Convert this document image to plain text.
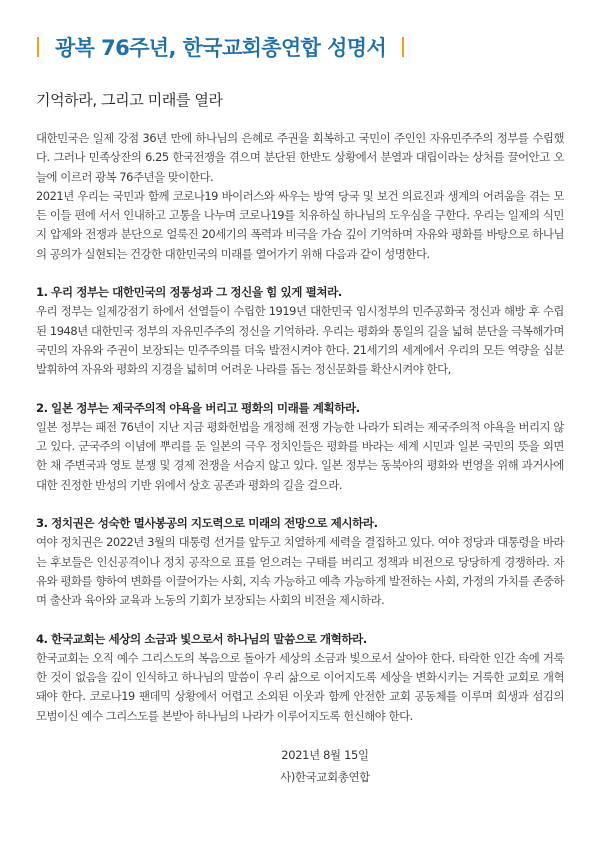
광복 76주년, 한국교회총연합 성명서
기억하라, 그리고 미래를 열라

대한민국은 일제 강점 36년 만에 하나님의 은혜로 주권을 회복하고 국민이 주인인 자유민주주의 정부를 수립했다. 그러나 민족상잔의 6.25 한국전쟁을 겪으며 분단된 한반도 상황에서 분열과 대립이라는 상처를 끌어안고 오늘에 이르러 광복 76주년을 맞이한다.

2021년 우리는 국민과 함께 코로나19 바이러스와 싸우는 방역 당국 및 보건 의료진과 생계의 어려움을 겪는 모든 이들 편에 서서 인내하고 고통을 나누며 코로나19를 치유하실 하나님의 도우심을 구한다. 우리는 일제의 식민지 압제와 전쟁과 분단으로 얼룩진 20세기의 폭력과 비극을 가슴 깊이 기억하며 자유와 평화를 바탕으로 하나님의 공의가 실현되는 건강한 대한민국의 미래를 열어가기 위해 다음과 같이 성명한다.

1. 우리 정부는 대한민국의 정통성과 그 정신을 힘 있게 펼쳐라.

우리 정부는 일제강점기 하에서 선열들이 수립한 1919년 대한민국 임시정부의 민주공화국 정신과 해방 후 수립된 1948년 대한민국 정부의 자유민주주의 정신을 기억하라. 우리는 평화와 통일의 길을 넓혀 분단을 극복해가며 국민의 자유와 주권이 보장되는 민주주의를 더욱 발전시켜야 한다. 21세기의 세계에서 우리의 모든 역량을 십분 발휘하여 자유와 평화의 지경을 넓히며 어려운 나라를 돕는 정신문화를 확산시켜야 한다,

2. 일본 정부는 제국주의적 야욕을 버리고 평화의 미래를 계획하라.

일본 정부는 패전 76년이 지난 지금 평화헌법을 개정해 전쟁 가능한 나라가 되려는 제국주의적 야욕을 버리지 않고 있다. 군국주의 이념에 뿌리를 둔 일본의 극우 정치인들은 평화를 바라는 세계 시민과 일본 국민의 뜻을 외면한 채 주변국과 영토 분쟁 및 경제 전쟁을 서슴지 않고 있다. 일본 정부는 동북아의 평화와 번영을 위해 과거사에 대한 진정한 반성의 기반 위에서 상호 공존과 평화의 길을 걸으라.

3. 정치권은 성숙한 멸사봉공의 지도력으로 미래의 전망으로 제시하라.

여야 정치권은 2022년 3월의 대통령 선거를 앞두고 치열하게 세력을 결집하고 있다. 여야 정당과 대통령을 바라는 후보들은 인신공격이나 정치 공작으로 표를 얻으려는 구태를 버리고 정책과 비전으로 당당하게 경쟁하라. 자유와 평화를 향하여 변화를 이끌어가는 사회, 지속 가능하고 예측 가능하게 발전하는 사회, 가정의 가치를 존중하며 출산과 육아와 교육과 노동의 기회가 보장되는 사회의 비전을 제시하라.

4. 한국교회는 세상의 소금과 빛으로서 하나님의 말씀으로 개혁하라.

한국교회는 오직 예수 그리스도의 복음으로 돌아가 세상의 소금과 빛으로서 살아야 한다. 타락한 인간 속에 거룩한 것이 없음을 깊이 인식하고 하나님의 말씀이 우리 삶으로 이어지도록 세상을 변화시키는 거룩한 교회로 개혁돼야 한다. 코로나19 팬데믹 상황에서 어렵고 소외된 이웃과 함께 안전한 교회 공동체를 이루며 희생과 섬김의 모범이신 예수 그리스도를 본받아 하나님의 나라가 이루어지도록 헌신해야 한다.

2021년 8월 15일
사)한국교회총연합
